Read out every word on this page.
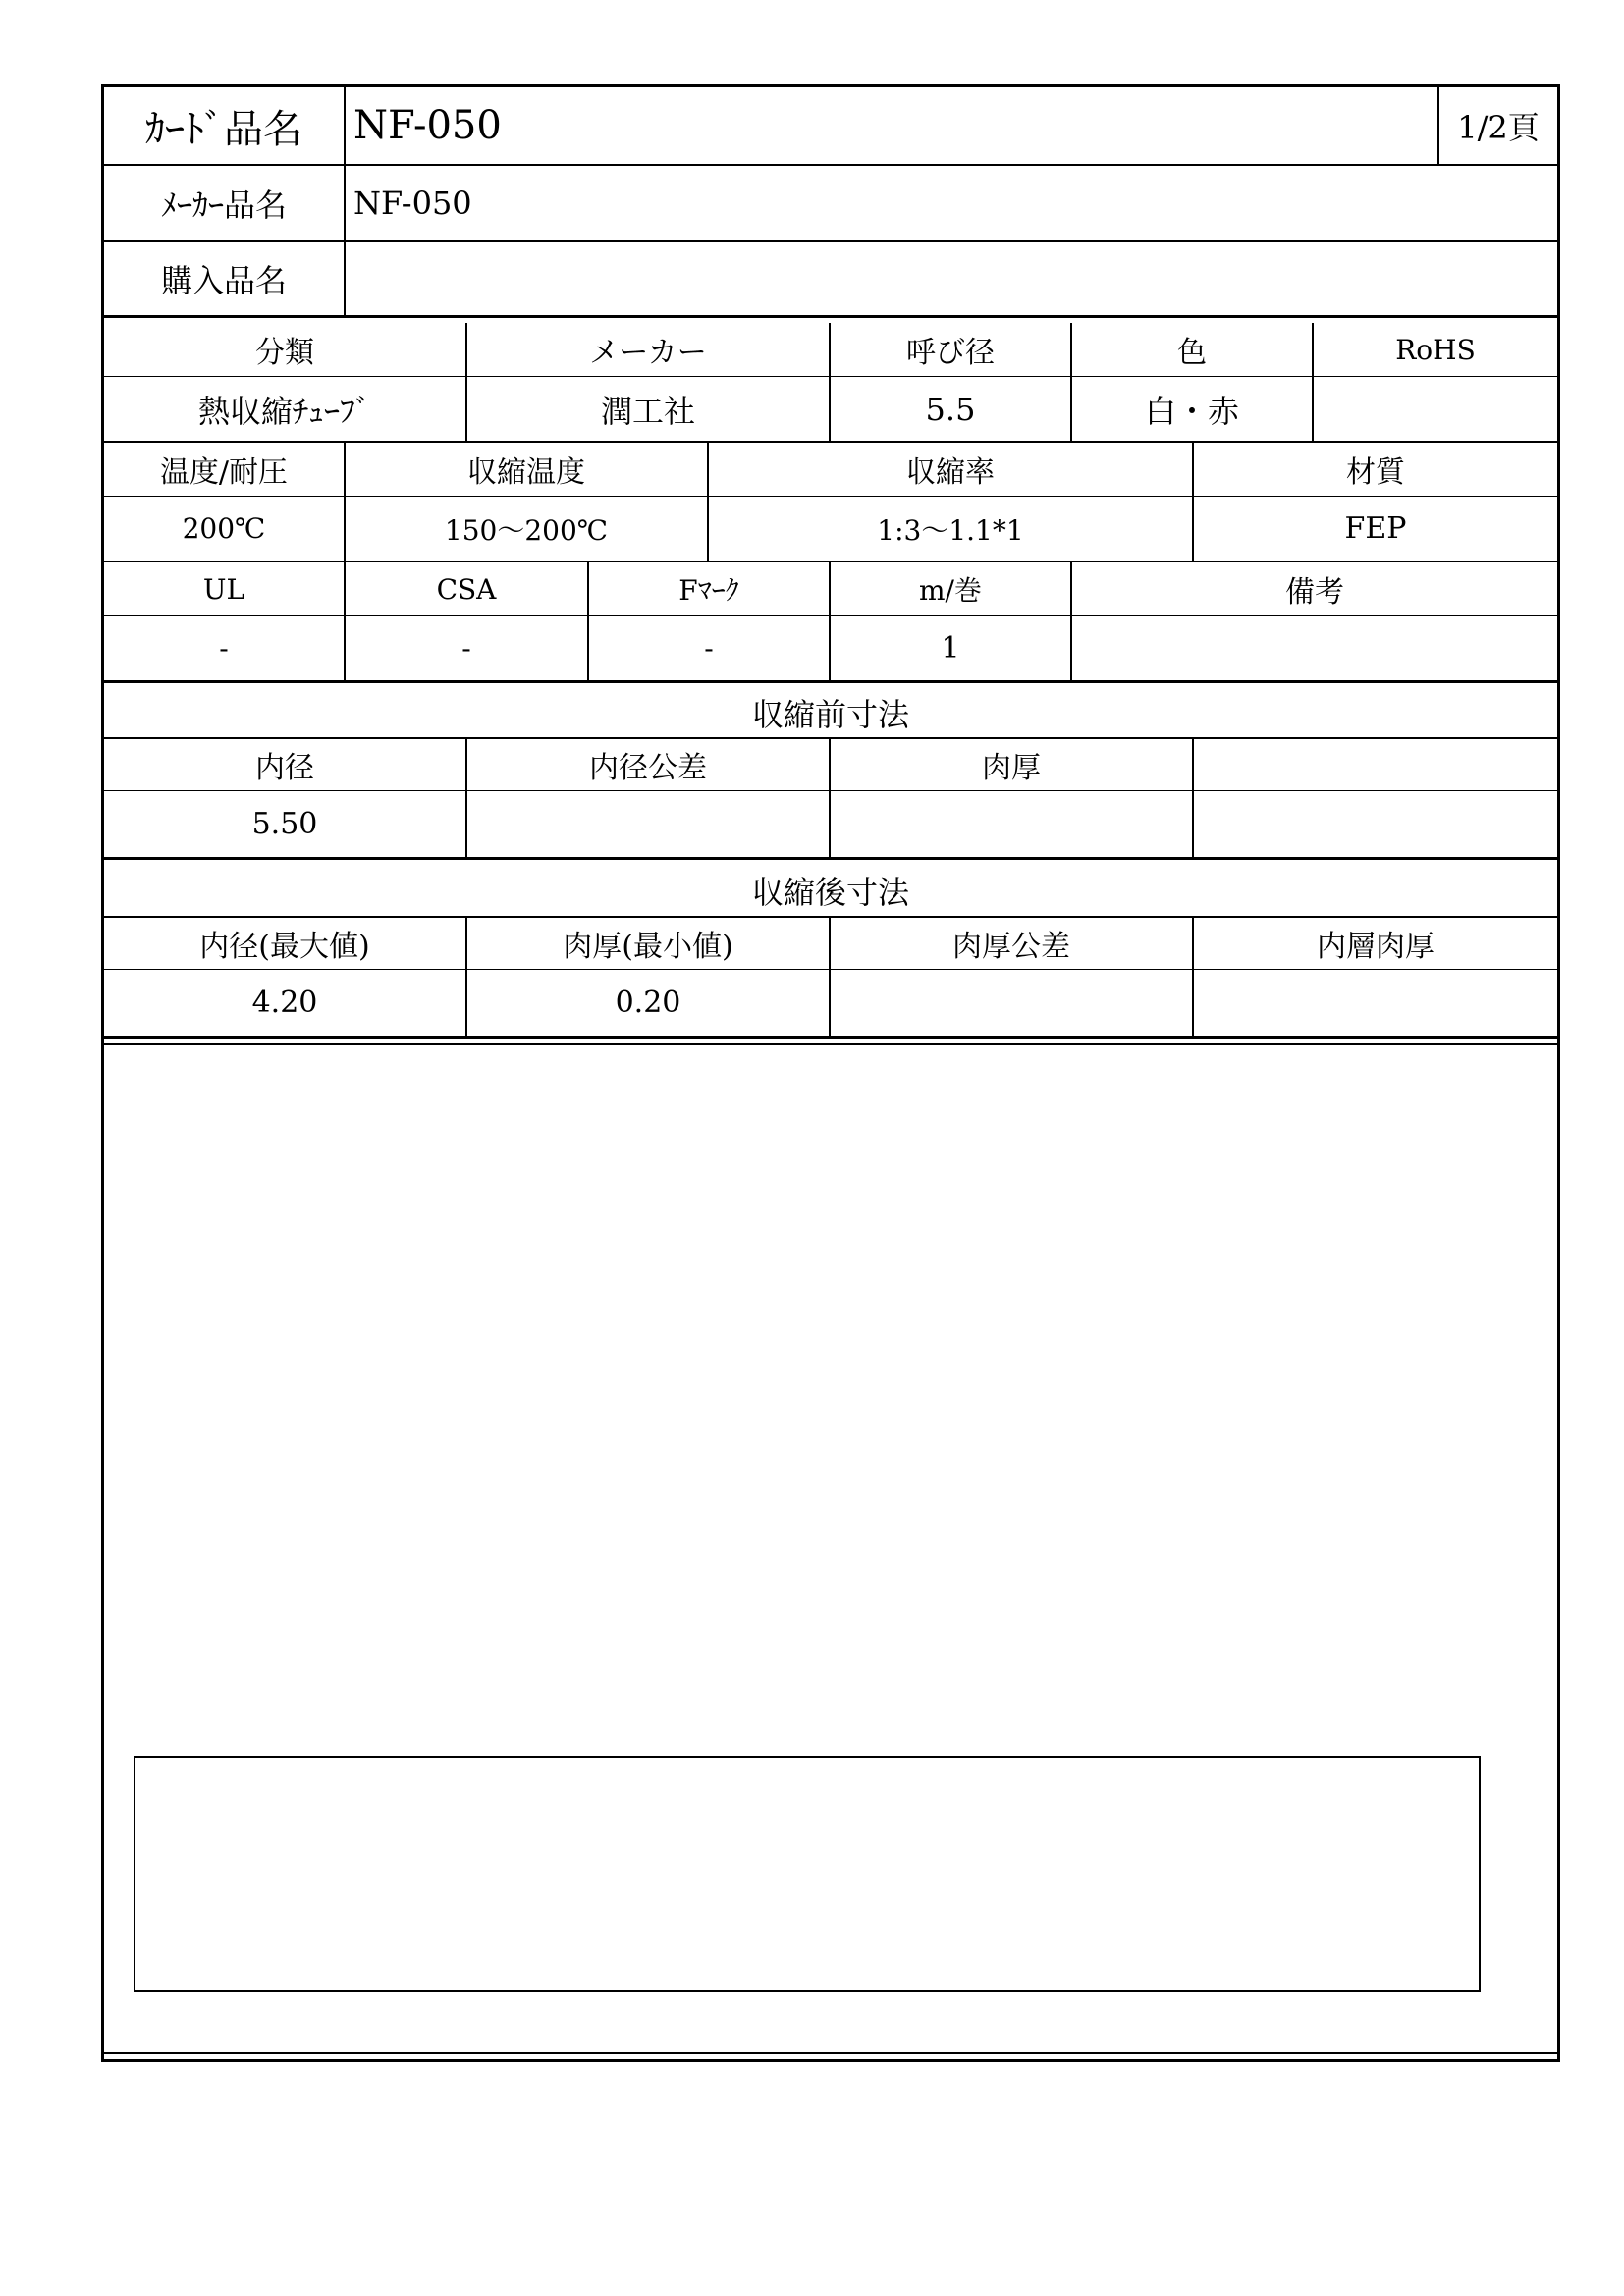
ｶｰﾄﾞ品名	NF-050	1/2頁
ﾒｰｶｰ品名	NF-050
購入品名
分類	メーカー	呼び径	色	RoHS
熱収縮ﾁｭｰﾌﾞ	潤工社	5.5	白・赤
温度/耐圧	収縮温度	収縮率	材質
200℃	150～200℃	1:3～1.1*1	FEP
UL	CSA	Fﾏｰｸ	m/巻	備考
-	-	-	1
収縮前寸法
内径	内径公差	肉厚
5.50
収縮後寸法
内径(最大値)	肉厚(最小値)	肉厚公差	内層肉厚
4.20	0.20
